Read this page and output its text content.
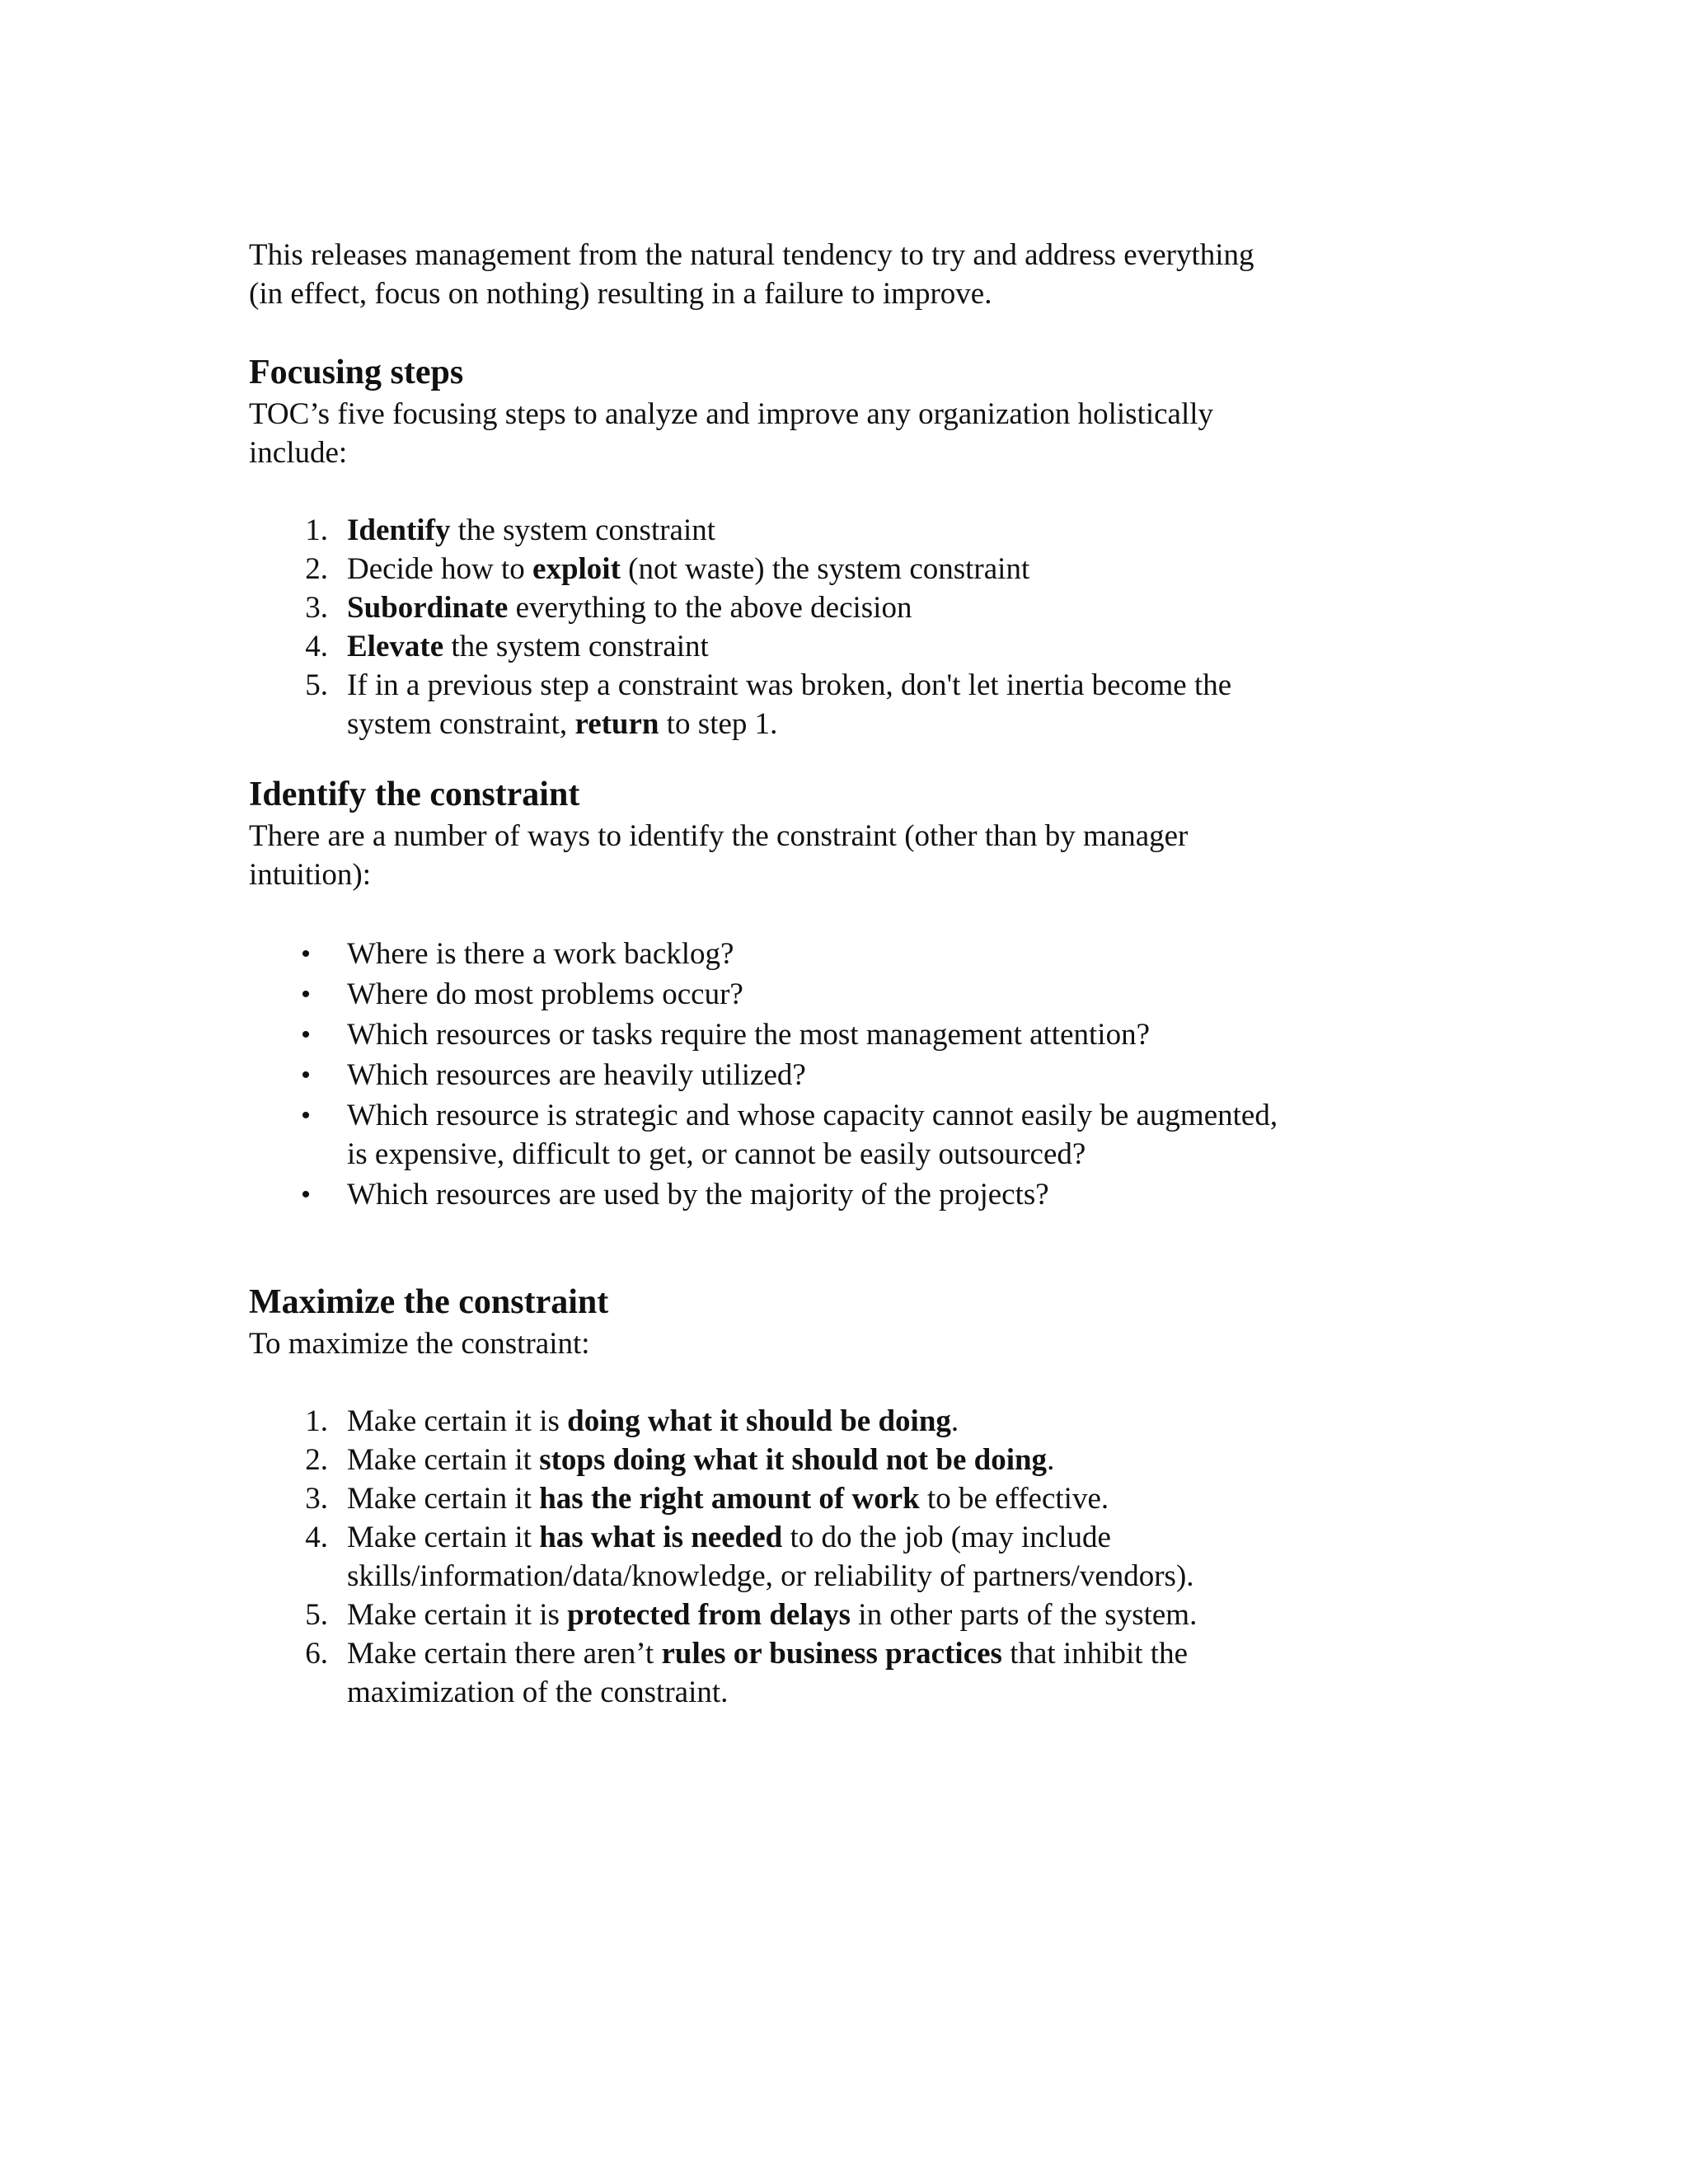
This releases management from the natural tendency to try and address everything
(in effect, focus on nothing) resulting in a failure to improve.
Focusing steps
TOC’s five focusing steps to analyze and improve any organization holistically
include:
1. Identify the system constraint
2. Decide how to exploit (not waste) the system constraint
3. Subordinate everything to the above decision
4. Elevate the system constraint
5. If in a previous step a constraint was broken, don't let inertia become the
system constraint, return to step 1.
Identify the constraint
There are a number of ways to identify the constraint (other than by manager
intuition):
• Where is there a work backlog?
• Where do most problems occur?
• Which resources or tasks require the most management attention?
• Which resources are heavily utilized?
• Which resource is strategic and whose capacity cannot easily be augmented,
is expensive, difficult to get, or cannot be easily outsourced?
• Which resources are used by the majority of the projects?
Maximize the constraint
To maximize the constraint:
1. Make certain it is doing what it should be doing.
2. Make certain it stops doing what it should not be doing.
3. Make certain it has the right amount of work to be effective.
4. Make certain it has what is needed to do the job (may include
skills/information/data/knowledge, or reliability of partners/vendors).
5. Make certain it is protected from delays in other parts of the system.
6. Make certain there aren’t rules or business practices that inhibit the
maximization of the constraint.
